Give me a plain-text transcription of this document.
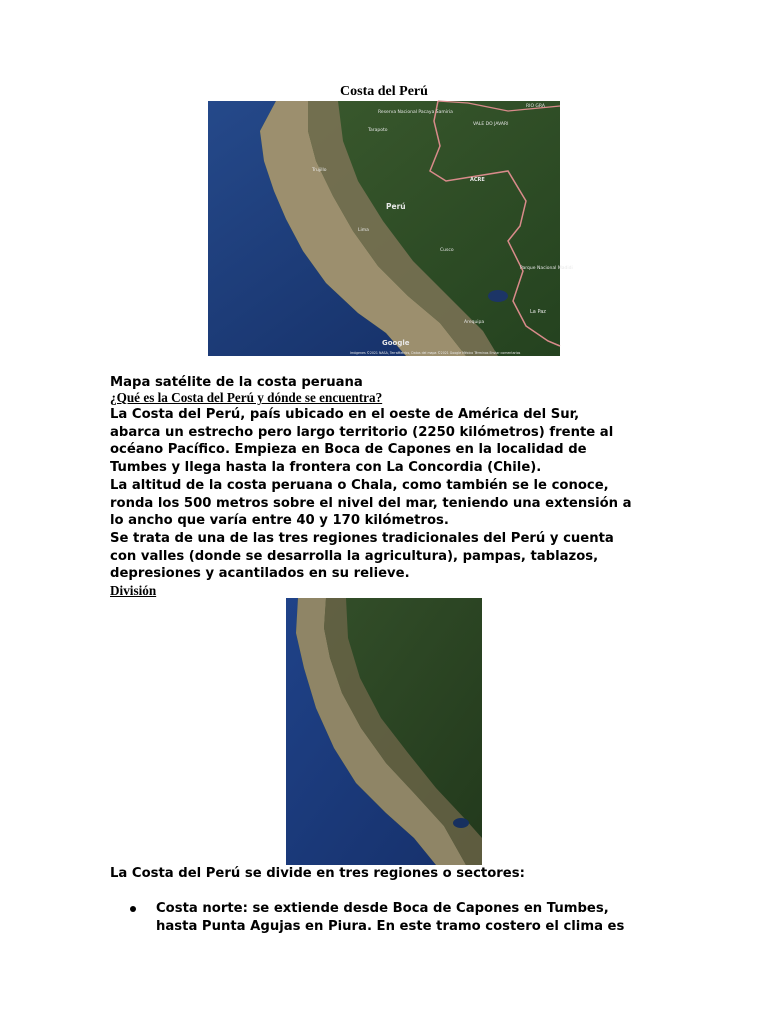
Costa del Perú
Perú
RIO GRA
VALE DO JAVARI
ACRE
Reserva Nacional Pacaya Samiria
Tarapoto
Trujillo
Lima
Cusco
La Paz
Arequipa
Parque Nacional Madidi
Google
Imágenes ©2021 NASA, TerraMetrics, Datos del mapa ©2021 Google México Términos Enviar comentarios
Mapa satélite de la costa peruana
¿Qué es la Costa del Perú y dónde se encuentra?

La Costa del Perú, país ubicado en el oeste de América del Sur,

abarca un estrecho pero largo territorio (2250 kilómetros) frente al

océano Pacífico. Empieza en Boca de Capones en la localidad de

Tumbes y llega hasta la frontera con La Concordia (Chile).

La altitud de la costa peruana o Chala, como también se le conoce,

ronda los 500 metros sobre el nivel del mar, teniendo una extensión a

lo ancho que varía entre 40 y 170 kilómetros.

Se trata de una de las tres regiones tradicionales del Perú y cuenta

con valles (donde se desarrolla la agricultura), pampas, tablazos,

depresiones y acantilados en su relieve.

División
La Costa del Perú se divide en tres regiones o sectores:
Costa norte: se extiende desde Boca de Capones en Tumbes,
hasta Punta Agujas en Piura. En este tramo costero el clima es
